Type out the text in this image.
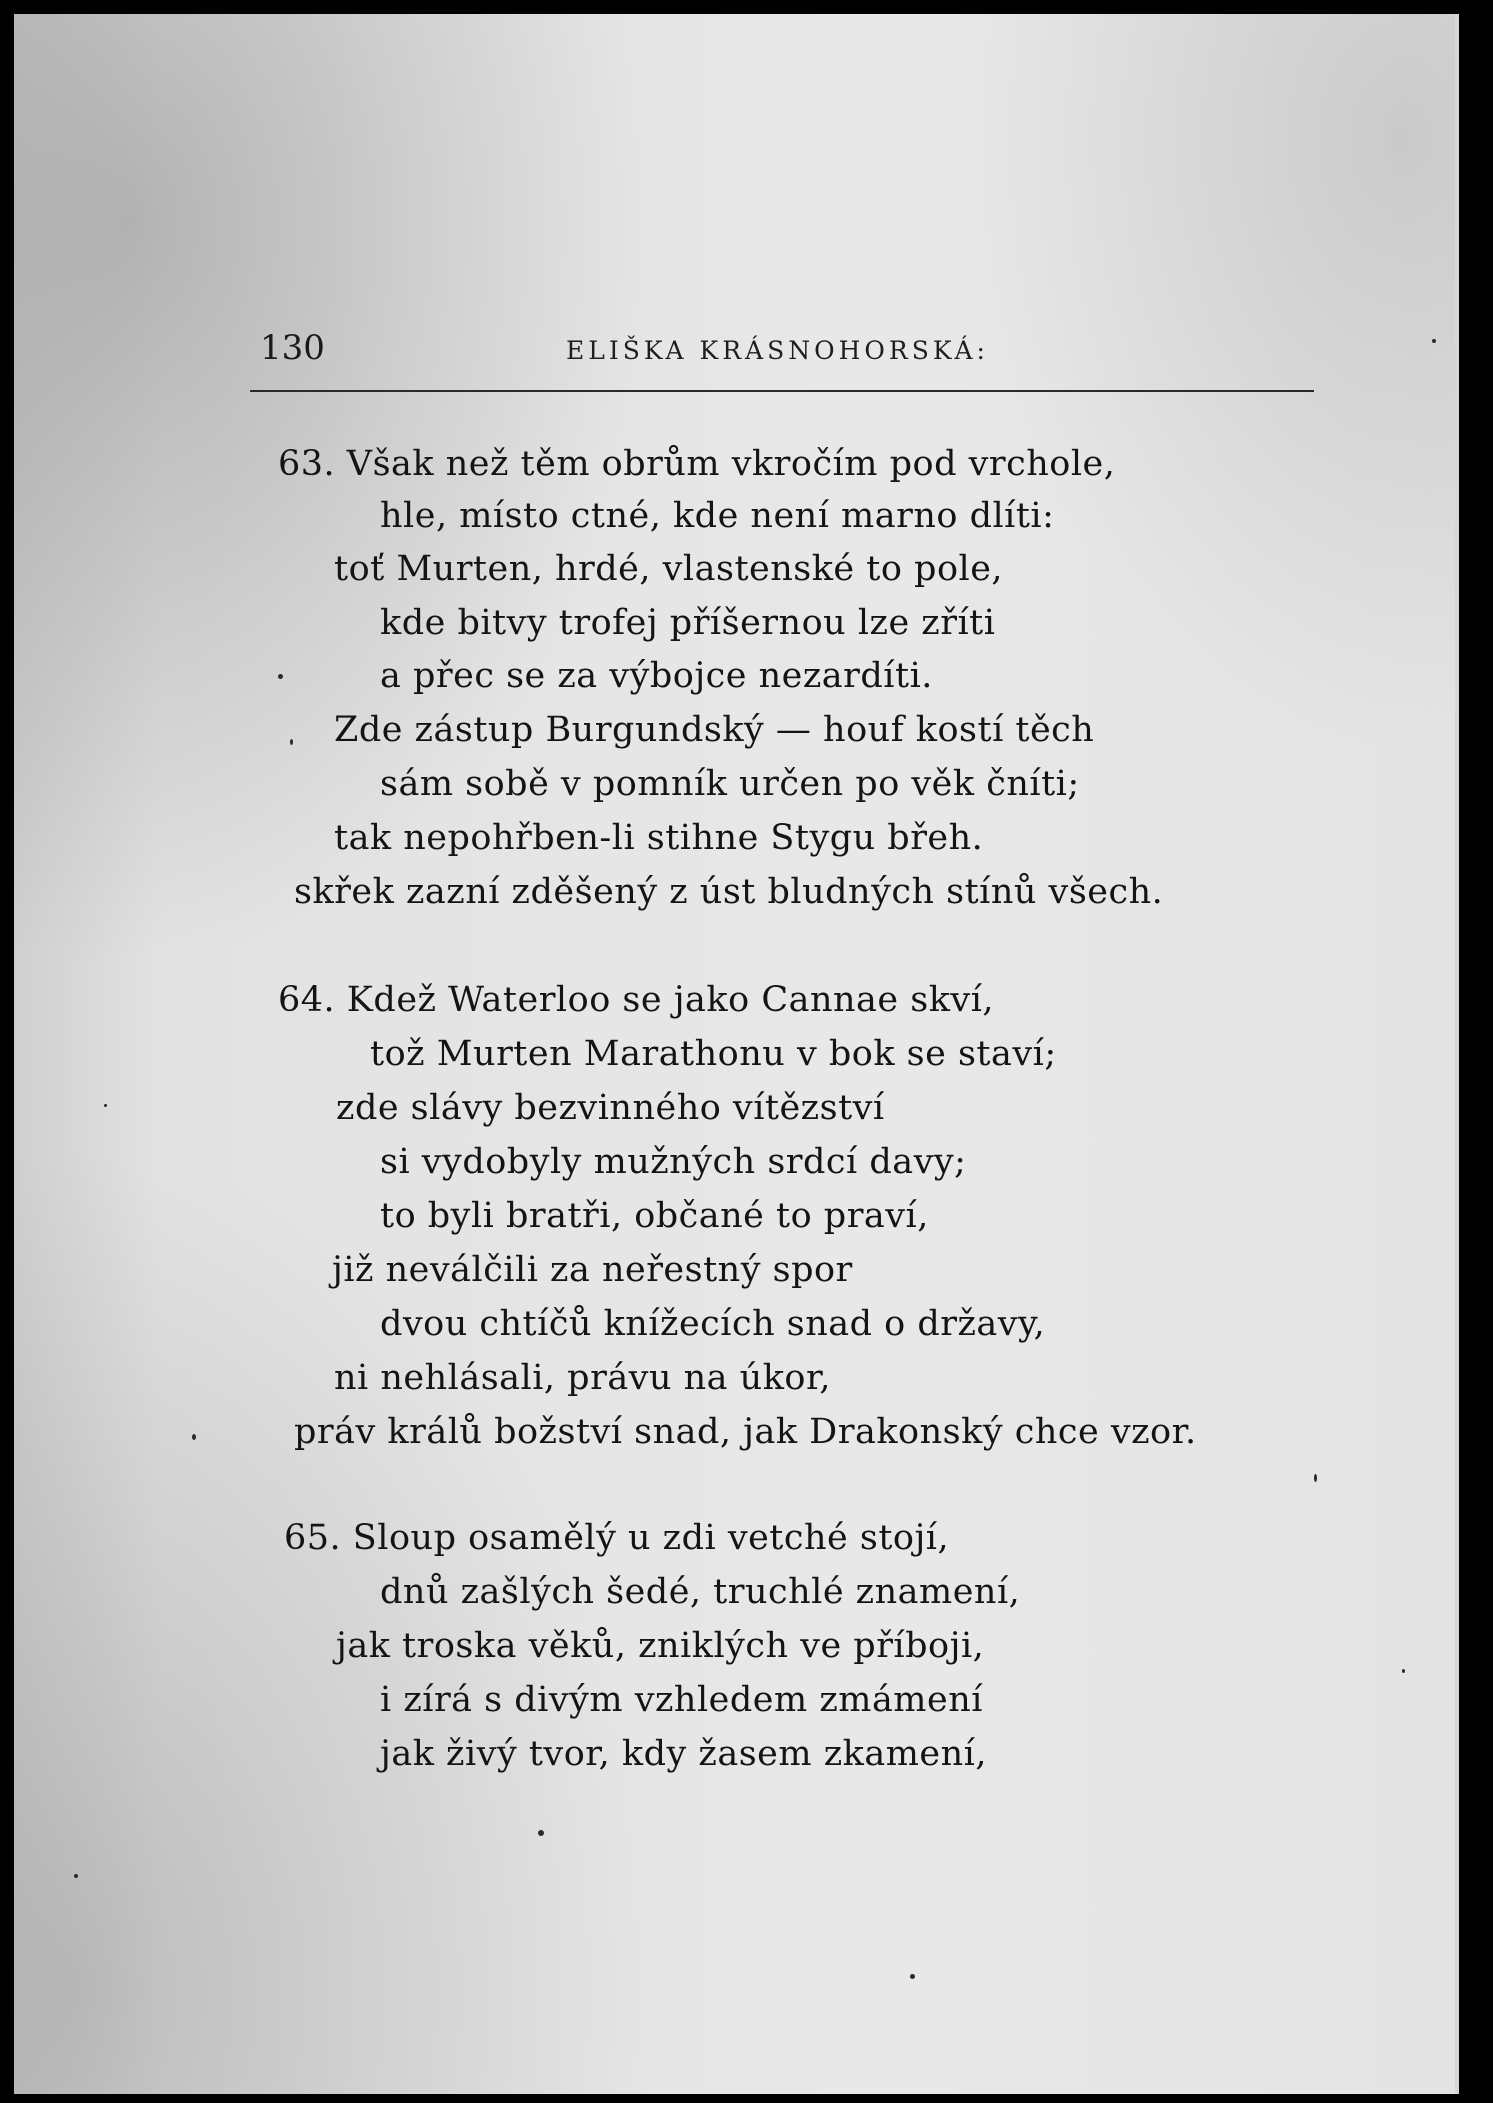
130	ELIŠKA KRÁSNOHORSKÁ:
63. Však než těm obrům vkročím pod vrchole,
hle, místo ctné, kde není marno dlíti:
toť Murten, hrdé, vlastenské to pole,
kde bitvy trofej příšernou lze zříti
a přec se za výbojce nezardíti.
Zde zástup Burgundský — houf kostí těch
sám sobě v pomník určen po věk čníti;
tak nepohřben-li stihne Stygu břeh.
skřek zazní zděšený z úst bludných stínů všech.
64. Kdež Waterloo se jako Cannae skví,
tož Murten Marathonu v bok se staví;
zde slávy bezvinného vítězství
si vydobyly mužných srdcí davy;
to byli bratři, občané to praví,
již neválčili za neřestný spor
dvou chtíčů knížecích snad o državy,
ni nehlásali, právu na úkor,
práv králů božství snad, jak Drakonský chce vzor.
65. Sloup osamělý u zdi vetché stojí,
dnů zašlých šedé, truchlé znamení,
jak troska věků, zniklých ve příboji,
i zírá s divým vzhledem zmámení
jak živý tvor, kdy žasem zkamení,
